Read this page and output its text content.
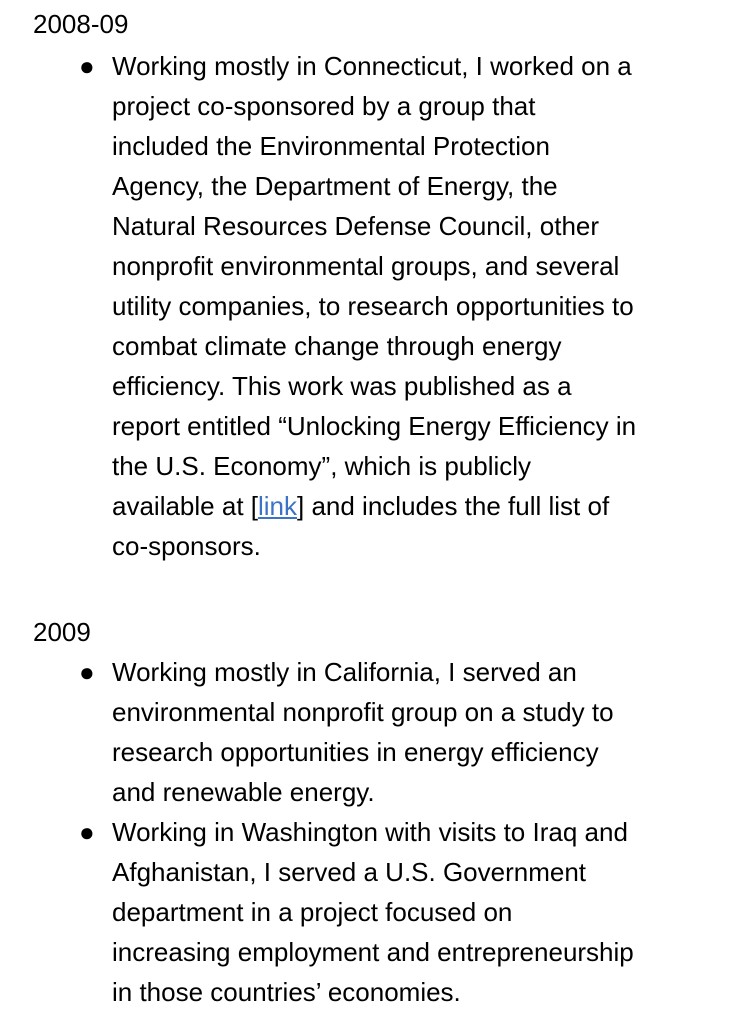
2008-09

● Working mostly in Connecticut, I worked on a
project co-sponsored by a group that
included the Environmental Protection
Agency, the Department of Energy, the
Natural Resources Defense Council, other
nonprofit environmental groups, and several
utility companies, to research opportunities to
combat climate change through energy
efficiency. This work was published as a
report entitled “Unlocking Energy Efficiency in
the U.S. Economy”, which is publicly
available at [link] and includes the full list of
co-sponsors.

2009

● Working mostly in California, I served an
environmental nonprofit group on a study to
research opportunities in energy efficiency
and renewable energy.
● Working in Washington with visits to Iraq and
Afghanistan, I served a U.S. Government
department in a project focused on
increasing employment and entrepreneurship
in those countries’ economies.
